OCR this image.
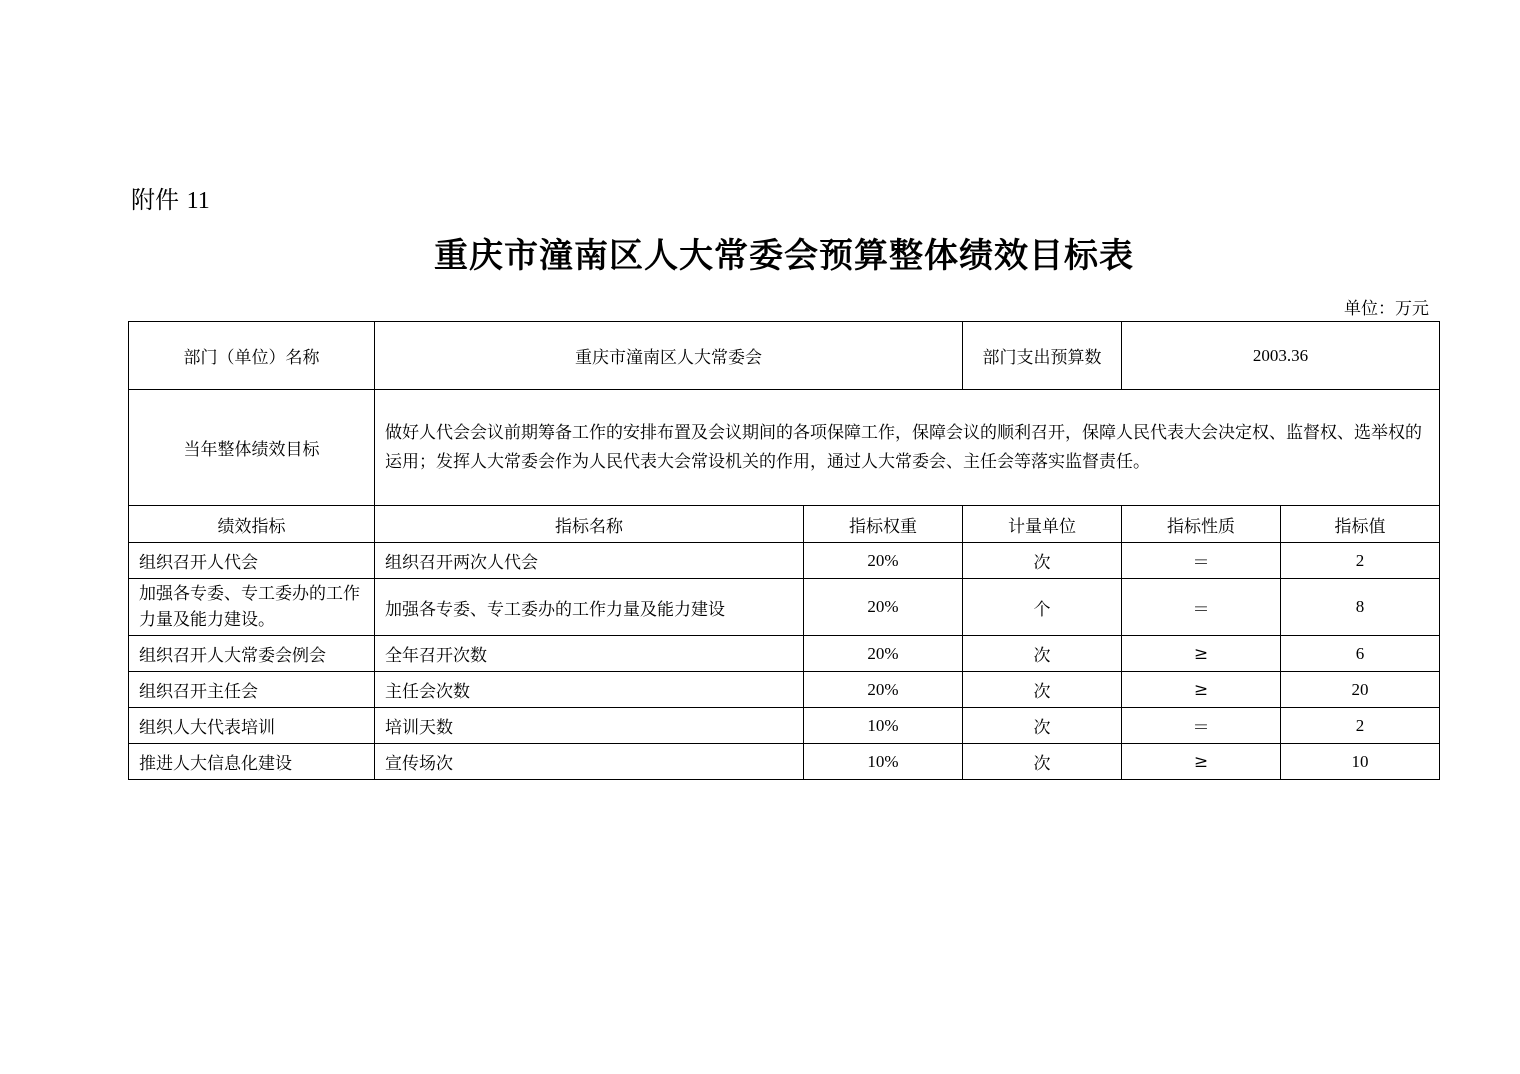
附件 11
重庆市潼南区人大常委会预算整体绩效目标表
单位：万元
部门（单位）名称	重庆市潼南区人大常委会		部门支出预算数	2003.36	
当年整体绩效目标	做好人代会会议前期筹备工作的安排布置及会议期间的各项保障工作，保障会议的顺利召开，保障人民代表大会决定权、监督权、选举权的运用；发挥人大常委会作为人民代表大会常设机关的作用，通过人大常委会、主任会等落实监督责任。				
绩效指标	指标名称	指标权重	计量单位	指标性质	指标值
组织召开人代会	组织召开两次人代会	20%	次	＝	2
加强各专委、专工委办的工作力量及能力建设。	加强各专委、专工委办的工作力量及能力建设	20%	个	＝	8
组织召开人大常委会例会	全年召开次数	20%	次	≥	6
组织召开主任会	主任会次数	20%	次	≥	20
组织人大代表培训	培训天数	10%	次	＝	2
推进人大信息化建设	宣传场次	10%	次	≥	10
